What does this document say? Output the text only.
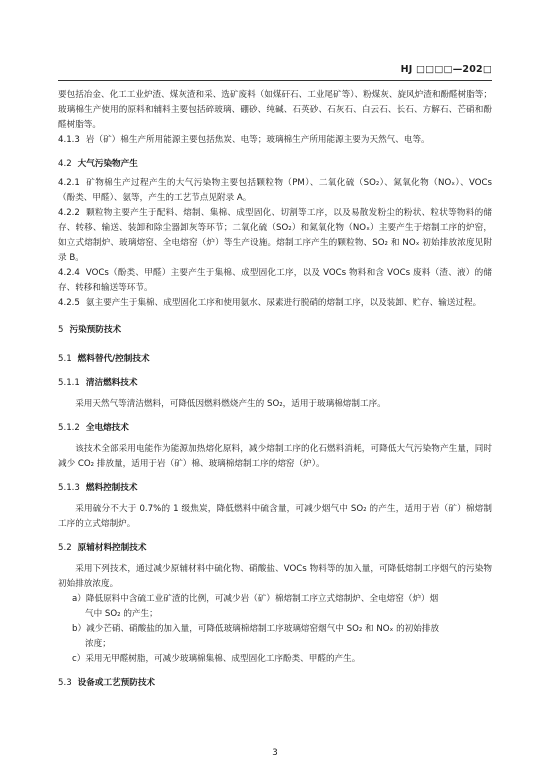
HJ □□□□—202□

要包括冶金、化工工业炉渣、煤灰渣和采、选矿废料（如煤矸石、工业尾矿等）、粉煤灰、旋风炉渣和酚醛树脂等；玻璃棉生产使用的原料和辅料主要包括碎玻璃、硼砂、纯碱、石英砂、石灰石、白云石、长石、方解石、芒硝和酚醛树脂等。

4.1.3 岩（矿）棉生产所用能源主要包括焦炭、电等；玻璃棉生产所用能源主要为天然气、电等。

4.2 大气污染物产生

4.2.1 矿物棉生产过程产生的大气污染物主要包括颗粒物（PM）、二氧化硫（SO₂）、氮氧化物（NOₓ）、VOCs（酚类、甲醛）、氨等，产生的工艺节点见附录 A。

4.2.2 颗粒物主要产生于配料、熔制、集棉、成型固化、切割等工序，以及易散发粉尘的粉状、粒状等物料的储存、转移、输送、装卸和除尘器卸灰等环节；二氧化硫（SO₂）和氮氧化物（NOₓ）主要产生于熔制工序的炉窑，如立式熔制炉、玻璃熔窑、全电熔窑（炉）等生产设施。熔制工序产生的颗粒物、SO₂ 和 NOₓ 初始排放浓度见附录 B。

4.2.4 VOCs（酚类、甲醛）主要产生于集棉、成型固化工序，以及 VOCs 物料和含 VOCs 废料（渣、液）的储存、转移和输送等环节。

4.2.5 氨主要产生于集棉、成型固化工序和使用氨水、尿素进行脱硝的熔制工序，以及装卸、贮存、输送过程。

5 污染预防技术
5.1 燃料替代/控制技术
5.1.1 清洁燃料技术

采用天然气等清洁燃料，可降低因燃料燃烧产生的 SO₂，适用于玻璃棉熔制工序。

5.1.2 全电熔技术

该技术全部采用电能作为能源加热熔化原料，减少熔制工序的化石燃料消耗，可降低大气污染物产生量，同时减少 CO₂ 排放量，适用于岩（矿）棉、玻璃棉熔制工序的熔窑（炉）。

5.1.3 燃料控制技术

采用硫分不大于 0.7%的 1 级焦炭，降低燃料中硫含量，可减少烟气中 SO₂ 的产生，适用于岩（矿）棉熔制工序的立式熔制炉。

5.2 原辅材料控制技术

采用下列技术，通过减少原辅材料中硫化物、硝酸盐、VOCs 物料等的加入量，可降低熔制工序烟气的污染物初始排放浓度。

a）降低原料中含硫工业矿渣的比例，可减少岩（矿）棉熔制工序立式熔制炉、全电熔窑（炉）烟

气中 SO₂ 的产生；

b）减少芒硝、硝酸盐的加入量，可降低玻璃棉熔制工序玻璃熔窑烟气中 SO₂ 和 NOₓ 的初始排放

浓度；

c）采用无甲醛树脂，可减少玻璃棉集棉、成型固化工序酚类、甲醛的产生。

5.3 设备或工艺预防技术
3
